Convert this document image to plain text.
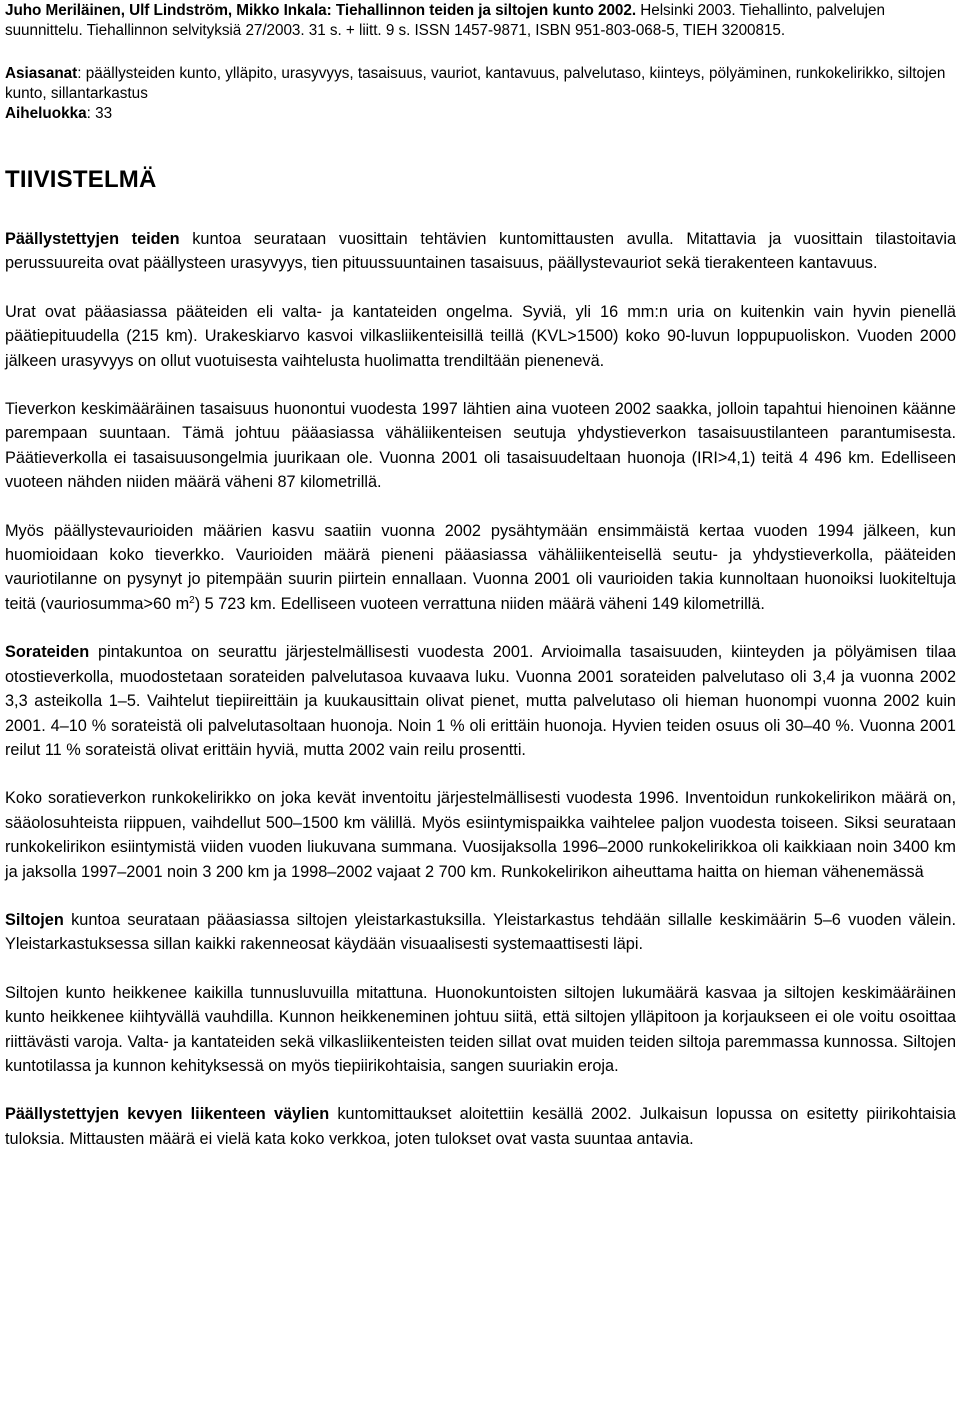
Juho Meriläinen, Ulf Lindström, Mikko Inkala: Tiehallinnon teiden ja siltojen kunto 2002. Helsinki 2003. Tiehallinto, palvelujen suunnittelu. Tiehallinnon selvityksiä 27/2003. 31 s. + liitt. 9 s. ISSN 1457-9871, ISBN 951-803-068-5, TIEH 3200815.

Asiasanat: päällysteiden kunto, ylläpito, urasyvyys, tasaisuus, vauriot, kantavuus, palvelutaso, kiinteys, pölyäminen, runkokelirikko, siltojen kunto, sillantarkastus

Aiheluokka: 33

TIIVISTELMÄ

Päällystettyjen teiden kuntoa seurataan vuosittain tehtävien kuntomittausten avulla. Mitattavia ja vuosittain tilastoitavia perussuureita ovat päällysteen urasyvyys, tien pituussuuntainen tasaisuus, päällystevauriot sekä tierakenteen kantavuus.

Urat ovat pääasiassa pääteiden eli valta- ja kantateiden ongelma. Syviä, yli 16 mm:n uria on kuitenkin vain hyvin pienellä päätiepituudella (215 km). Urakeskiarvo kasvoi vilkasliikenteisillä teillä (KVL>1500) koko 90-luvun loppupuoliskon. Vuoden 2000 jälkeen urasyvyys on ollut vuotuisesta vaihtelusta huolimatta trendiltään pienenevä.

Tieverkon keskimääräinen tasaisuus huonontui vuodesta 1997 lähtien aina vuoteen 2002 saakka, jolloin tapahtui hienoinen käänne parempaan suuntaan. Tämä johtuu pääasiassa vähäliikenteisen seutuja yhdystieverkon tasaisuustilanteen parantumisesta. Päätieverkolla ei tasaisuusongelmia juurikaan ole. Vuonna 2001 oli tasaisuudeltaan huonoja (IRI>4,1) teitä 4 496 km. Edelliseen vuoteen nähden niiden määrä väheni 87 kilometrillä.

Myös päällystevaurioiden määrien kasvu saatiin vuonna 2002 pysähtymään ensimmäistä kertaa vuoden 1994 jälkeen, kun huomioidaan koko tieverkko. Vaurioiden määrä pieneni pääasiassa vähäliikenteisellä seutu- ja yhdystieverkolla, pääteiden vauriotilanne on pysynyt jo pitempään suurin piirtein ennallaan. Vuonna 2001 oli vaurioiden takia kunnoltaan huonoiksi luokiteltuja teitä (vauriosumma>60 $m^2$) 5 723 km. Edelliseen vuoteen verrattuna niiden määrä väheni 149 kilometrillä.

Sorateiden pintakuntoa on seurattu järjestelmällisesti vuodesta 2001. Arvioimalla tasaisuuden, kiinteyden ja pölyämisen tilaa otostieverkolla, muodostetaan sorateiden palvelutasoa kuvaava luku. Vuonna 2001 sorateiden palvelutaso oli 3,4 ja vuonna 2002 3,3 asteikolla 1–5. Vaihtelut tiepiireittäin ja kuukausittain olivat pienet, mutta palvelutaso oli hieman huonompi vuonna 2002 kuin 2001. 4–10 % sorateistä oli palvelutasoltaan huonoja. Noin 1 % oli erittäin huonoja. Hyvien teiden osuus oli 30–40 %. Vuonna 2001 reilut 11 % sorateistä olivat erittäin hyviä, mutta 2002 vain reilu prosentti.

Koko soratieverkon runkokelirikko on joka kevät inventoitu järjestelmällisesti vuodesta 1996. Inventoidun runkokelirikon määrä on, sääolosuhteista riippuen, vaihdellut 500–1500 km välillä. Myös esiintymispaikka vaihtelee paljon vuodesta toiseen. Siksi seurataan runkokelirikon esiintymistä viiden vuoden liukuvana summana. Vuosijaksolla 1996–2000 runkokelirikkoa oli kaikkiaan noin 3400 km ja jaksolla 1997–2001 noin 3 200 km ja 1998–2002 vajaat 2 700 km. Runkokelirikon aiheuttama haitta on hieman vähenemässä

Siltojen kuntoa seurataan pääasiassa siltojen yleistarkastuksilla. Yleistarkastus tehdään sillalle keskimäärin 5–6 vuoden välein. Yleistarkastuksessa sillan kaikki rakenneosat käydään visuaalisesti systemaattisesti läpi.

Siltojen kunto heikkenee kaikilla tunnusluvuilla mitattuna. Huonokuntoisten siltojen lukumäärä kasvaa ja siltojen keskimääräinen kunto heikkenee kiihtyvällä vauhdilla. Kunnon heikkeneminen johtuu siitä, että siltojen ylläpitoon ja korjaukseen ei ole voitu osoittaa riittävästi varoja. Valta- ja kantateiden sekä vilkasliikenteisten teiden sillat ovat muiden teiden siltoja paremmassa kunnossa. Siltojen kuntotilassa ja kunnon kehityksessä on myös tiepiirikohtaisia, sangen suuriakin eroja.

Päällystettyjen kevyen liikenteen väylien kuntomittaukset aloitettiin kesällä 2002. Julkaisun lopussa on esitetty piirikohtaisia tuloksia. Mittausten määrä ei vielä kata koko verkkoa, joten tulokset ovat vasta suuntaa antavia.
